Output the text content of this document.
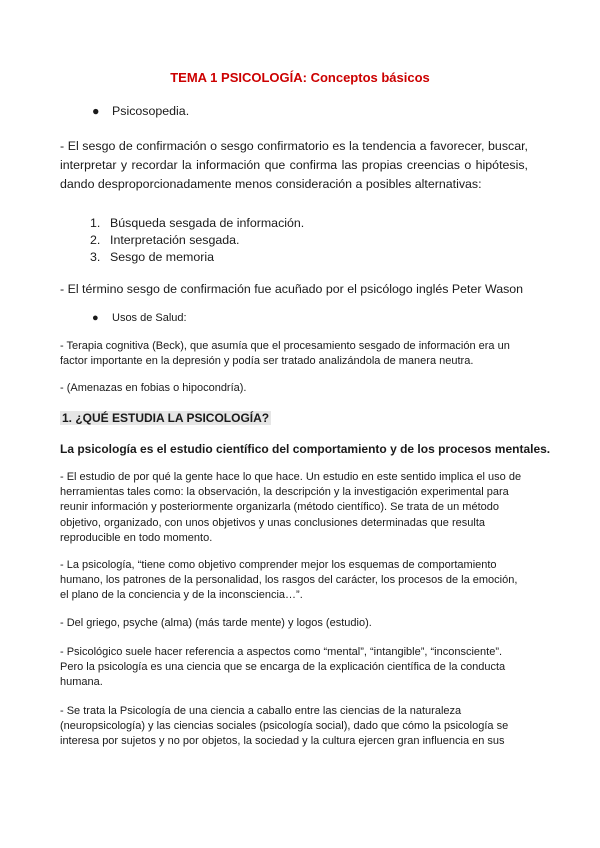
TEMA 1 PSICOLOGÍA: Conceptos básicos
● Psicosopedia.

- El sesgo de confirmación o sesgo confirmatorio es la tendencia a favorecer, buscar, interpretar y recordar la información que confirma las propias creencias o hipótesis, dando desproporcionadamente menos consideración a posibles alternativas:

1. Búsqueda sesgada de información.
2. Interpretación sesgada.
3. Sesgo de memoria

- El término sesgo de confirmación fue acuñado por el psicólogo inglés Peter Wason

● Usos de Salud:

- Terapia cognitiva (Beck), que asumía que el procesamiento sesgado de información era un factor importante en la depresión y podía ser tratado analizándola de manera neutra.

- (Amenazas en fobias o hipocondría).

1. ¿QUÉ ESTUDIA LA PSICOLOGÍA?
La psicología es el estudio científico del comportamiento y de los procesos mentales.

- El estudio de por qué la gente hace lo que hace. Un estudio en este sentido implica el uso de herramientas tales como: la observación, la descripción y la investigación experimental para reunir información y posteriormente organizarla (método científico). Se trata de un método objetivo, organizado, con unos objetivos y unas conclusiones determinadas que resulta reproducible en todo momento.

- La psicología, “tiene como objetivo comprender mejor los esquemas de comportamiento humano, los patrones de la personalidad, los rasgos del carácter, los procesos de la emoción, el plano de la conciencia y de la inconsciencia…”.

- Del griego, psyche (alma) (más tarde mente) y logos (estudio).

- Psicológico suele hacer referencia a aspectos como “mental”, “intangible”, “inconsciente”. Pero la psicología es una ciencia que se encarga de la explicación científica de la conducta humana.

- Se trata la Psicología de una ciencia a caballo entre las ciencias de la naturaleza (neuropsicología) y las ciencias sociales (psicología social), dado que cómo la psicología se interesa por sujetos y no por objetos, la sociedad y la cultura ejercen gran influencia en sus
